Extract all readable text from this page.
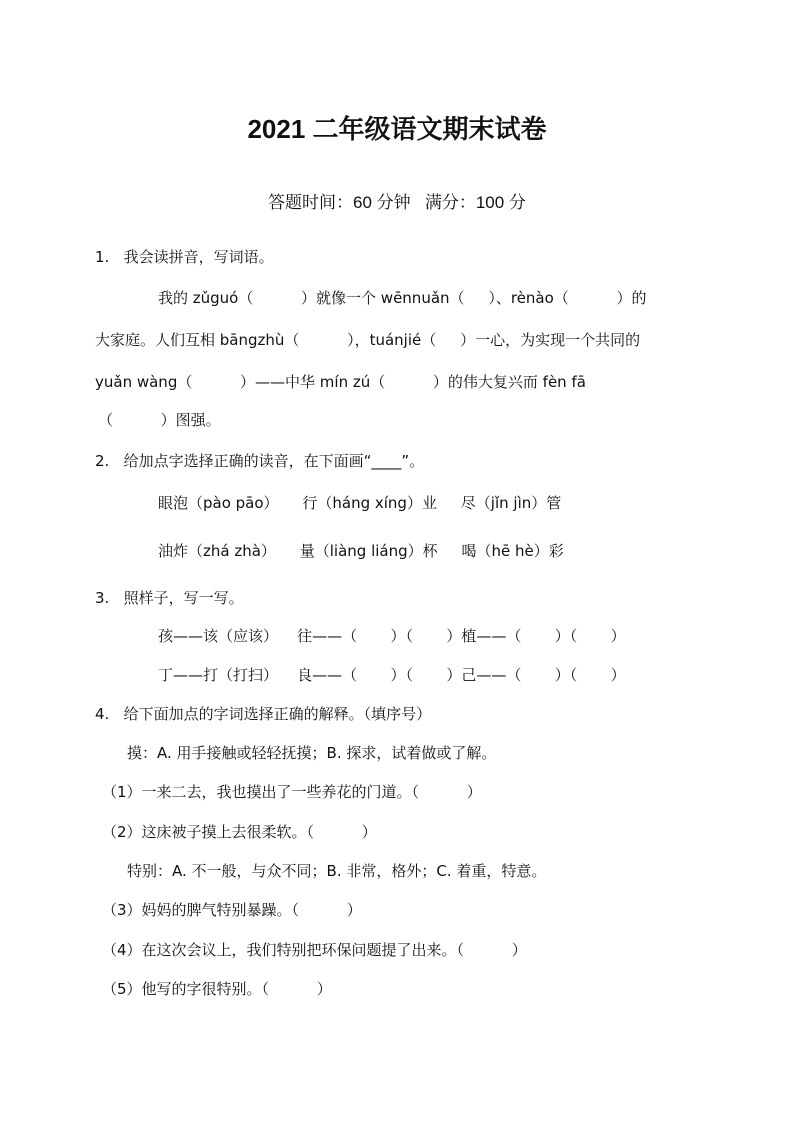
2021 二年级语文期末试卷
答题时间：60 分钟   满分：100 分
1.   我会读拼音，写词语。
我的 zǔguó（          ）就像一个 wēnnuǎn（     ）、rènào（          ）的
大家庭。人们互相 bāngzhù（          ），tuánjié（     ）一心，为实现一个共同的
yuǎn wàng（          ）——中华 mín zú（          ）的伟大复兴而 fèn fā
（          ）图强。
2.   给加点字选择正确的读音，在下面画“____”。
眼泡（pào pāo）     行（háng xíng）业     尽（jǐn jìn）管
油炸（zhá zhà）     量（liàng liáng）杯     喝（hē hè）彩
3.   照样子，写一写。
孩——该（应该）    往——（       ）（       ）植——（       ）（       ）
丁——打（打扫）    良——（       ）（       ）己——（       ）（       ）
4.   给下面加点的字词选择正确的解释。（填序号）
摸：A. 用手接触或轻轻抚摸；B. 探求，试着做或了解。
（1）一来二去，我也摸出了一些养花的门道。（          ）
（2）这床被子摸上去很柔软。（          ）
特别：A. 不一般，与众不同；B. 非常，格外；C. 着重，特意。
（3）妈妈的脾气特别暴躁。（          ）
（4）在这次会议上，我们特别把环保问题提了出来。（          ）
（5）他写的字很特别。（          ）
